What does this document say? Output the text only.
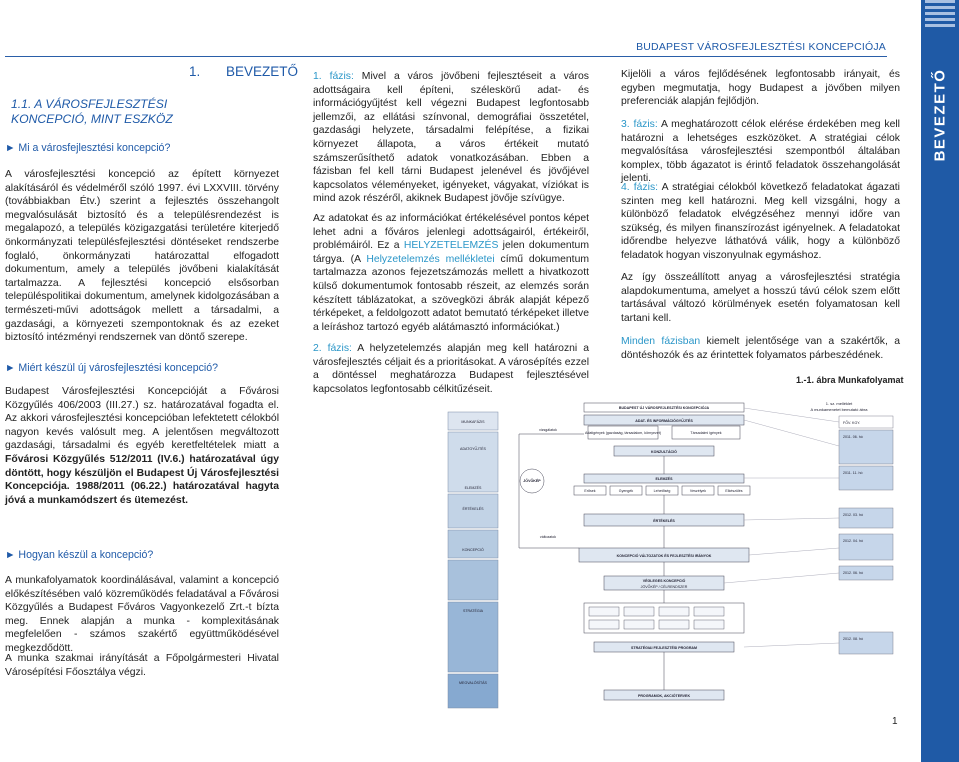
BUDAPEST VÁROSFEJLESZTÉSI KONCEPCIÓJA
BEVEZETŐ
1. BEVEZETŐ
1.1. A VÁROSFEJLESZTÉSI KONCEPCIÓ, MINT ESZKÖZ
► Mi a városfejlesztési koncepció?
A városfejlesztési koncepció az épített környezet alakításáról és védelméről szóló 1997. évi LXXVIII. törvény (továbbiakban Étv.) szerint a fejlesztés összehangolt megvalósulását biztosító és a településrendezést is megalapozó, a település közigazgatási területére kiterjedő önkormányzati településfejlesztési döntéseket rendszerbe foglaló, önkormányzati határozattal elfogadott dokumentum, amely a település jövőbeni kialakítását tartalmazza. A fejlesztési koncepció elsősorban településpolitikai dokumentum, amelynek kidolgozásában a természeti-művi adottságok mellett a társadalmi, a gazdasági, a környezeti szempontoknak és az ezeket biztosító intézményi rendszernek van döntő szerepe.
► Miért készül új városfejlesztési koncepció?
Budapest Városfejlesztési Koncepcióját a Fővárosi Közgyűlés 406/2003 (III.27.) sz. határozatával fogadta el. Az akkori városfejlesztési koncepcióban lefektetett célokból nagyon kevés valósult meg. A jelentősen megváltozott gazdasági, társadalmi és egyéb keretfeltételek miatt a Fővárosi Közgyűlés 512/2011 (IV.6.) határozatával úgy döntött, hogy készüljön el Budapest Új Városfejlesztési Koncepciója. 1988/2011 (06.22.) határozatával hagyta jóvá a munkamódszert és ütemezést.
► Hogyan készül a koncepció?
A munkafolyamatok koordinálásával, valamint a koncepció előkészítésében való közreműködés feladatával a Fővárosi Közgyűlés a Budapest Főváros Vagyonkezelő Zrt.-t bízta meg. Ennek alapján a munka - komplexitásának megfelelően - számos szakértő együttműködésével megkezdődött.
A munka szakmai irányítását a Főpolgármesteri Hivatal Városépítési Főosztálya végzi.
1. fázis: Mivel a város jövőbeni fejlesztéseit a város adottságaira kell építeni, széleskörű adat- és információgyűjtést kell végezni Budapest legfontosabb jellemzői, az ellátási színvonal, demográfiai összetétel, gazdasági helyzete, társadalmi felépítése, a fizikai környezet állapota, a város értékeit mutató számszerűsíthető adatok vonatkozásában. Ebben a fázisban fel kell tárni Budapest jelenével és jövőjével kapcsolatos véleményeket, igényeket, vágyakat, víziókat is mind azok részéről, akiknek Budapest jövője szívügye.
Az adatokat és az információkat értékelésével pontos képet lehet adni a főváros jelenlegi adottságairól, értékeiről, problémáiról. Ez a HELYZETELEMZÉS jelen dokumentum tárgya. (A Helyzetelemzés mellékletei című dokumentum tartalmazza azonos fejezetszámozás mellett a hivatkozott külső dokumentumok fontosabb részeit, az elemzés során készített táblázatokat, a szövegközi ábrák alapját képező térképeket, a feldolgozott adatot bemutató térképeket illetve a leíráshoz tartozó egyéb alátámasztó információkat.)
2. fázis: A helyzetelemzés alapján meg kell határozni a városfejlesztés céljait és a prioritásokat. A városépítés ezzel a döntéssel meghatározza Budapest fejlesztésével kapcsolatos legfontosabb célkitűzéseit.
Kijelöli a város fejlődésének legfontosabb irányait, és egyben megmutatja, hogy Budapest a jövőben milyen preferenciák alapján fejlődjön.
3. fázis: A meghatározott célok elérése érdekében meg kell határozni a lehetséges eszközöket. A stratégiai célok megvalósítása városfejlesztési szempontból általában komplex, több ágazatot is érintő feladatok összehangolását jelenti.
4. fázis: A stratégiai célokból következő feladatokat ágazati szinten meg kell határozni. Meg kell vizsgálni, hogy a különböző feladatok elvégzéséhez mennyi időre van szükség, és milyen finanszírozást igényelnek. A feladatokat időrendbe helyezve láthatóvá válik, hogy a különböző feladatok hogyan viszonyulnak egymáshoz.
Az így összeállított anyag a városfejlesztési stratégia alapdokumentuma, amelyet a hosszú távú célok szem előtt tartásával változó körülmények esetén folyamatosan kell tartani kell.
Minden fázisban kiemelt jelentősége van a szakértők, a döntéshozók és az érintettek folyamatos párbeszédének.
1.-1. ábra Munkafolyamat
MUNKAFÁZIS
ADATGYŰJTÉS
ELEMZÉS
ÉRTÉKELÉS
KONCEPCIÓ
STRATÉGIA
MEGVALÓSÍTÁS
BUDAPEST ÚJ VÁROSFEJLESZTÉSI KONCEPCIÓJA
ADAT- ÉS INFORMÁCIÓGYŰJTÉS
Adatigények (gazdaság, társadalom, környezet)	Társadalmi igények
KONZULTÁCIÓ
ELEMZÉS
Erősek	Gyengék	Lehetőség	Veszélyek	Elkészülés
ÉRTÉKELÉS
KONCEPCIÓ VÁLTOZATOK ÉS FEJLESZTÉSI IRÁNYOK
VÉGLEGES KONCEPCIÓ
JÖVŐKÉP / CÉLRENDSZER
STRATÉGIAI FEJLESZTÉSI PROGRAM
PROGRAMOK, AKCIÓTERVEK
JÖVŐKÉP
vizsgálatok
változatok
1. sz. melléklet
A munkamenetet bemutató ábra
FŐV. KGY.
2011. 06. hó
2011. 11. hó
2012. 03. hó
2012. 04. hó
2012. 06. hó
2012. 08. hó
1
